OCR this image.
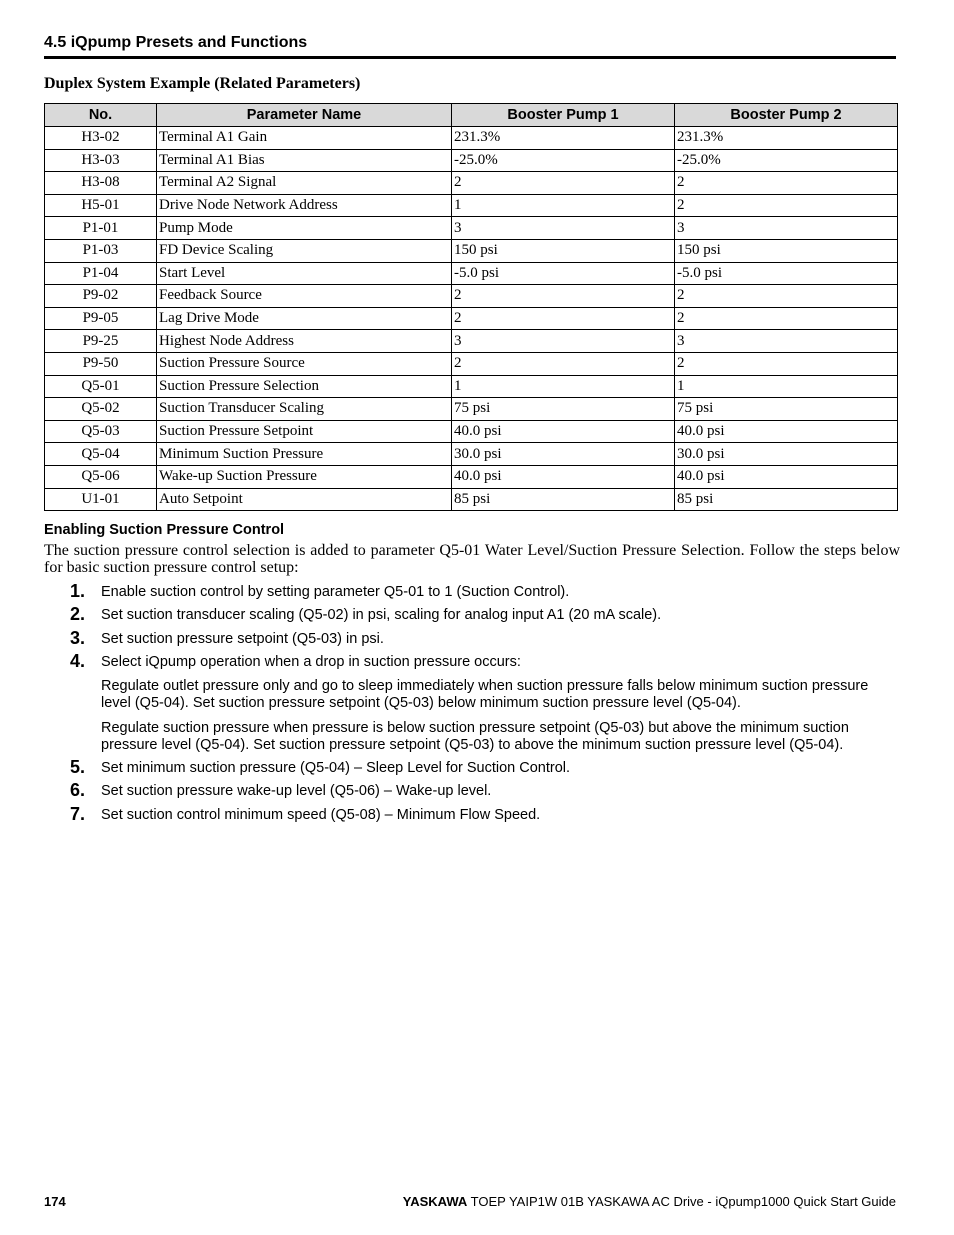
4.5 iQpump Presets and Functions
Duplex System Example (Related Parameters)
No.	Parameter Name	Booster Pump 1	Booster Pump 2
H3-02	Terminal A1 Gain	231.3%	231.3%
H3-03	Terminal A1 Bias	-25.0%	-25.0%
H3-08	Terminal A2 Signal	2	2
H5-01	Drive Node Network Address	1	2
P1-01	Pump Mode	3	3
P1-03	FD Device Scaling	150 psi	150 psi
P1-04	Start Level	-5.0 psi	-5.0 psi
P9-02	Feedback Source	2	2
P9-05	Lag Drive Mode	2	2
P9-25	Highest Node Address	3	3
P9-50	Suction Pressure Source	2	2
Q5-01	Suction Pressure Selection	1	1
Q5-02	Suction Transducer Scaling	75 psi	75 psi
Q5-03	Suction Pressure Setpoint	40.0 psi	40.0 psi
Q5-04	Minimum Suction Pressure	30.0 psi	30.0 psi
Q5-06	Wake-up Suction Pressure	40.0 psi	40.0 psi
U1-01	Auto Setpoint	85 psi	85 psi
Enabling Suction Pressure Control
The suction pressure control selection is added to parameter Q5-01 Water Level/Suction Pressure Selection. Follow the steps below for basic suction pressure control setup:
1. Enable suction control by setting parameter Q5-01 to 1 (Suction Control).
2. Set suction transducer scaling (Q5-02) in psi, scaling for analog input A1 (20 mA scale).
3. Set suction pressure setpoint (Q5-03) in psi.
4. Select iQpump operation when a drop in suction pressure occurs:
Regulate outlet pressure only and go to sleep immediately when suction pressure falls below minimum suction pressure level (Q5-04). Set suction pressure setpoint (Q5-03) below minimum suction pressure level (Q5-04).
Regulate suction pressure when pressure is below suction pressure setpoint (Q5-03) but above the minimum suction pressure level (Q5-04). Set suction pressure setpoint (Q5-03) to above the minimum suction pressure level (Q5-04).
5. Set minimum suction pressure (Q5-04) – Sleep Level for Suction Control.
6. Set suction pressure wake-up level (Q5-06) – Wake-up level.
7. Set suction control minimum speed (Q5-08) – Minimum Flow Speed.
174	YASKAWA TOEP YAIP1W 01B YASKAWA AC Drive - iQpump1000 Quick Start Guide
